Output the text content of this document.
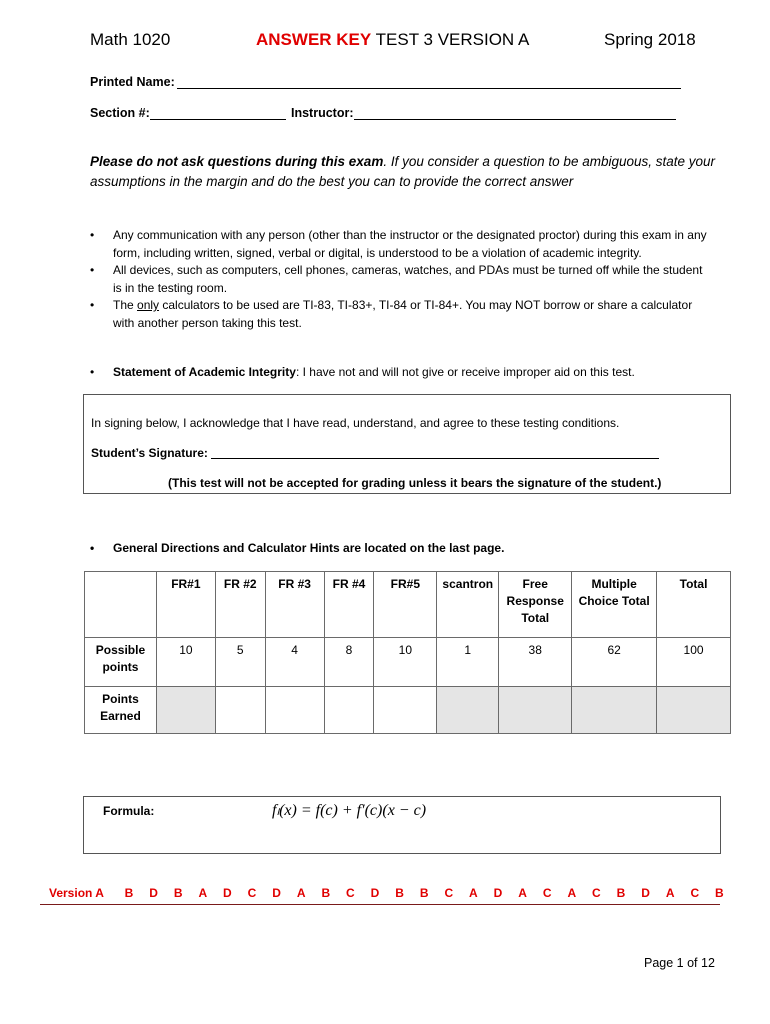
Math 1020	ANSWER KEY TEST 3 VERSION A	Spring 2018
Printed Name:
Section #:	Instructor:
Please do not ask questions during this exam. If you consider a question to be ambiguous, state your assumptions in the margin and do the best you can to provide the correct answer
• Any communication with any person (other than the instructor or the designated proctor) during this exam in any form, including written, signed, verbal or digital, is understood to be a violation of academic integrity.
• All devices, such as computers, cell phones, cameras, watches, and PDAs must be turned off while the student is in the testing room.
• The only calculators to be used are TI-83, TI-83+, TI-84 or TI-84+. You may NOT borrow or share a calculator with another person taking this test.
• Statement of Academic Integrity: I have not and will not give or receive improper aid on this test.
In signing below, I acknowledge that I have read, understand, and agree to these testing conditions.
Student’s Signature:
(This test will not be accepted for grading unless it bears the signature of the student.)
• General Directions and Calculator Hints are located on the last page.
	FR#1	FR #2	FR #3	FR #4	FR#5	scantron	Free Response Total	Multiple Choice Total	Total
Possible points	10	5	4	8	10	1	38	62	100
Points Earned									
Formula:	fₗ(x) = f(c) + f′(c)(x − c)
Version A B D B A D C D A B C D B B C A D A C A C B D A C B
Page 1 of 12
